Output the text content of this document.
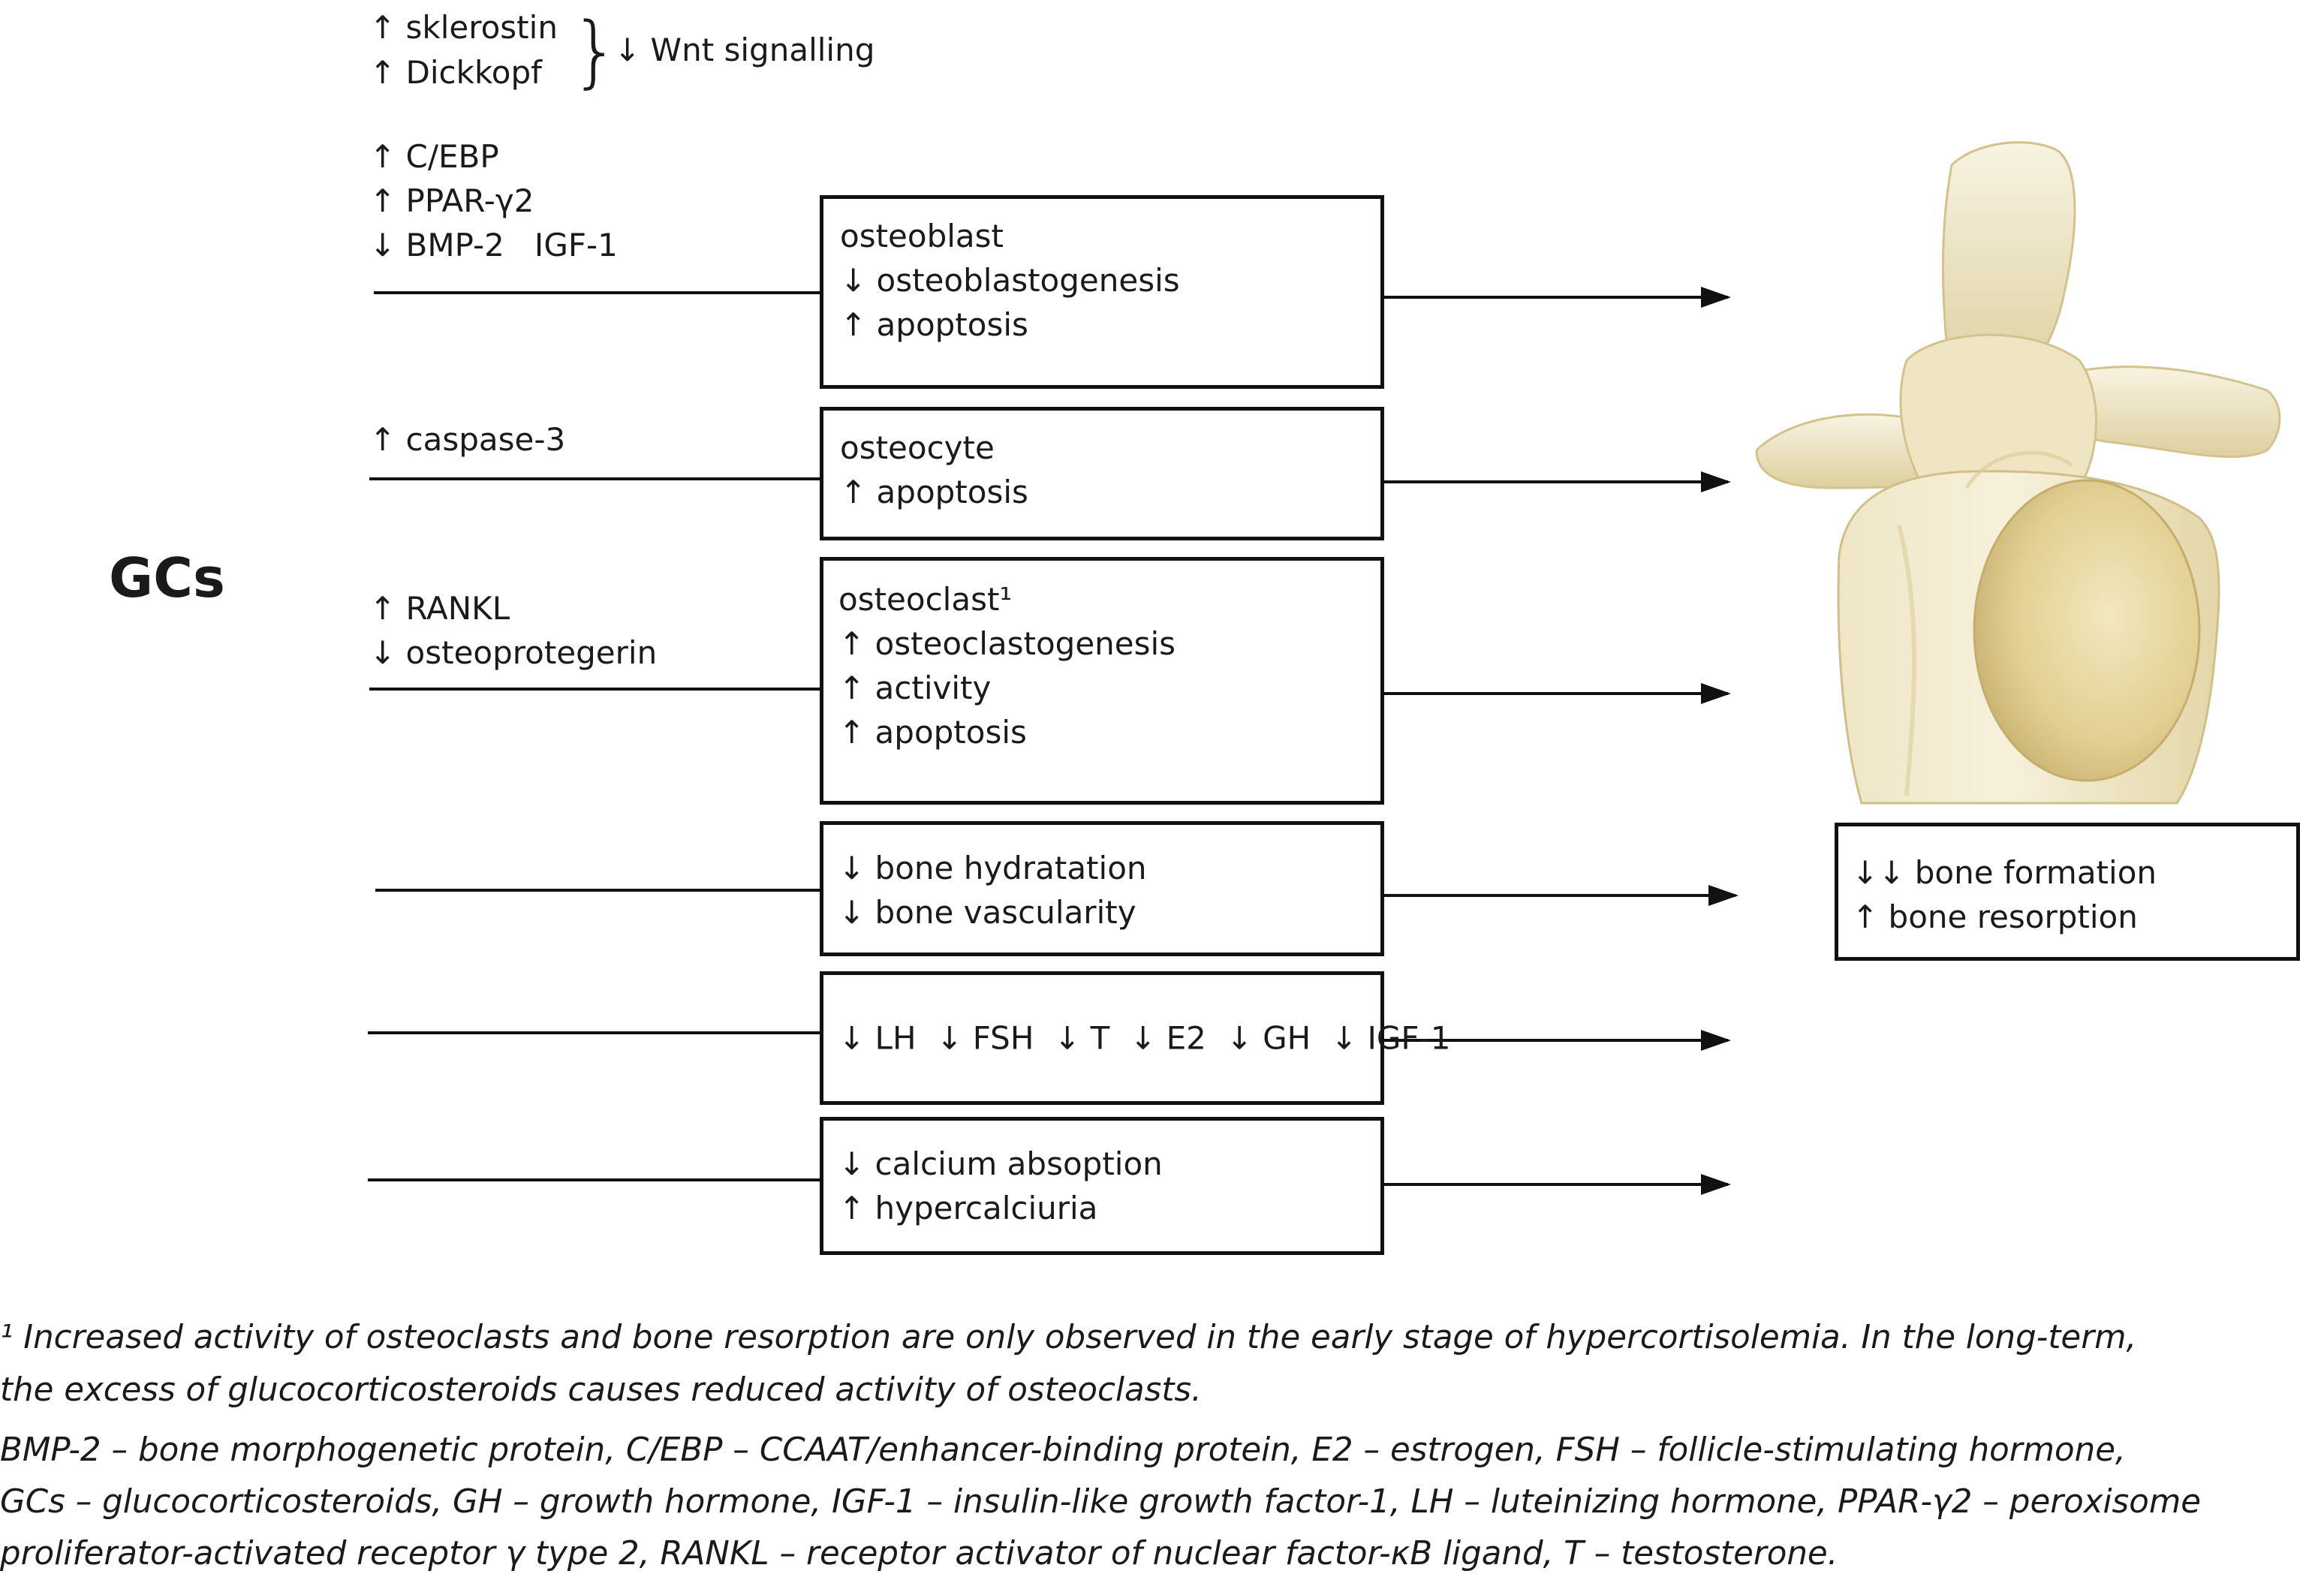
↑ sklerostin
↑ Dickkopf }
↓ Wnt signalling
↑ C/EBP
↑ PPAR-γ2
↓ BMP-2   IGF-1
↑ caspase-3
↑ RANKL
↓ osteoprotegerin
GCs
osteoblast
↓ osteoblastogenesis
↑ apoptosis
osteocyte
↑ apoptosis
osteoclast¹
↑ osteoclastogenesis
↑ activity
↑ apoptosis
↓ bone hydratation
↓ bone vascularity
↓ LH  ↓ FSH  ↓ T  ↓ E2  ↓ GH  ↓ IGF-1
↓ calcium absoption
↑ hypercalciuria
↓↓ bone formation
↑ bone resorption
¹ Increased activity of osteoclasts and bone resorption are only observed in the early stage of hypercortisolemia. In the long-term,
the excess of glucocorticosteroids causes reduced activity of osteoclasts.
BMP-2 – bone morphogenetic protein, C/EBP – CCAAT/enhancer-binding protein, E2 – estrogen, FSH – follicle-stimulating hormone,
GCs – glucocorticosteroids, GH – growth hormone, IGF-1 – insulin-like growth factor-1, LH – luteinizing hormone, PPAR-γ2 – peroxisome
proliferator-activated receptor γ type 2, RANKL – receptor activator of nuclear factor-κB ligand, T – testosterone.
